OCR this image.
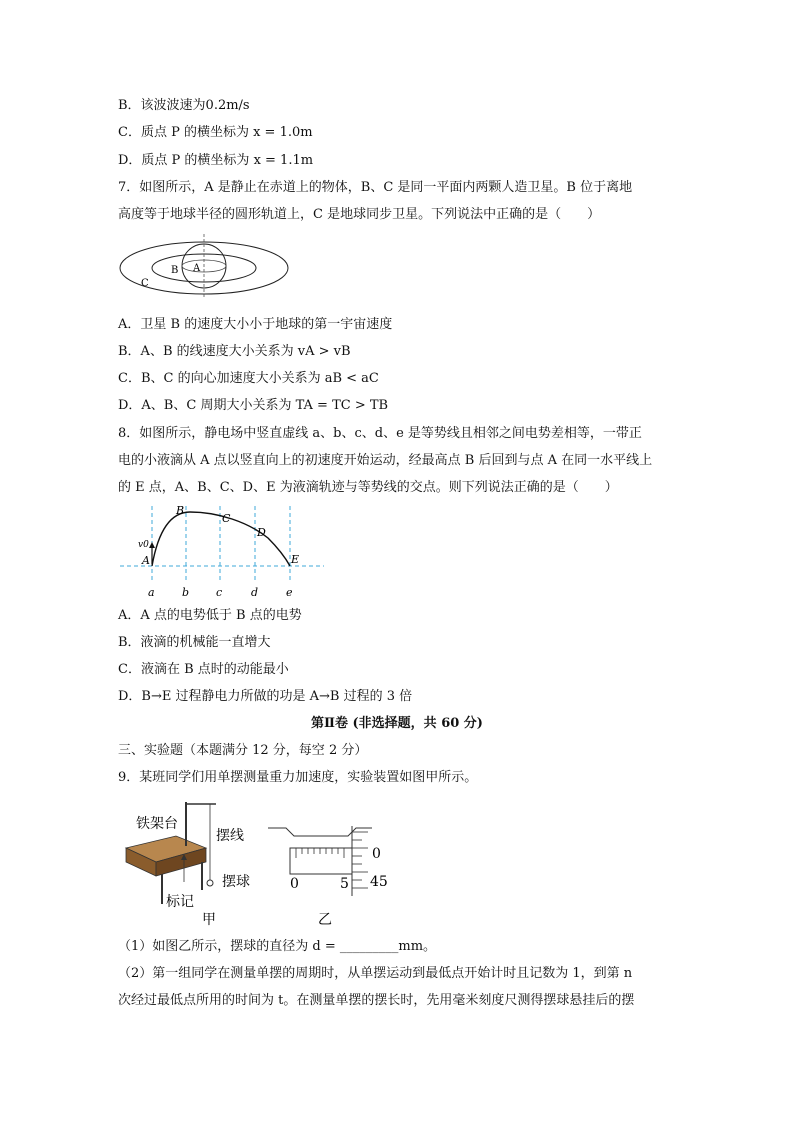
B．该波波速为0.2m/s
C．质点 P 的横坐标为 x = 1.0m
D．质点 P 的横坐标为 x = 1.1m
7．如图所示，A 是静止在赤道上的物体，B、C 是同一平面内两颗人造卫星。B 位于离地
高度等于地球半径的圆形轨道上，C 是地球同步卫星。下列说法中正确的是（　　）
A
B
C
A．卫星 B 的速度大小小于地球的第一宇宙速度
B．A、B 的线速度大小关系为 vA > vB
C．B、C 的向心加速度大小关系为 aB < aC
D．A、B、C 周期大小关系为 TA = TC > TB
8．如图所示，静电场中竖直虚线 a、b、c、d、e 是等势线且相邻之间电势差相等，一带正
电的小液滴从 A 点以竖直向上的初速度开始运动，经最高点 B 后回到与点 A 在同一水平线上
的 E 点，A、B、C、D、E 为液滴轨迹与等势线的交点。则下列说法正确的是（　　）
v0
B
C
D
E
A
a b c	d	e
A．A 点的电势低于 B 点的电势
B．液滴的机械能一直增大
C．液滴在 B 点时的动能最小
D．B→E 过程静电力所做的功是 A→B 过程的 3 倍
第Ⅱ卷 (非选择题，共 60 分)
三、实验题（本题满分 12 分，每空 2 分）
9．某班同学们用单摆测量重力加速度，实验装置如图甲所示。
铁架台
摆线
摆球
标记
甲
0	5
0
45
乙
（1）如图乙所示，摆球的直径为 d = _________mm。
（2）第一组同学在测量单摆的周期时，从单摆运动到最低点开始计时且记数为 1，到第 n
次经过最低点所用的时间为 t。在测量单摆的摆长时，先用毫米刻度尺测得摆球悬挂后的摆
